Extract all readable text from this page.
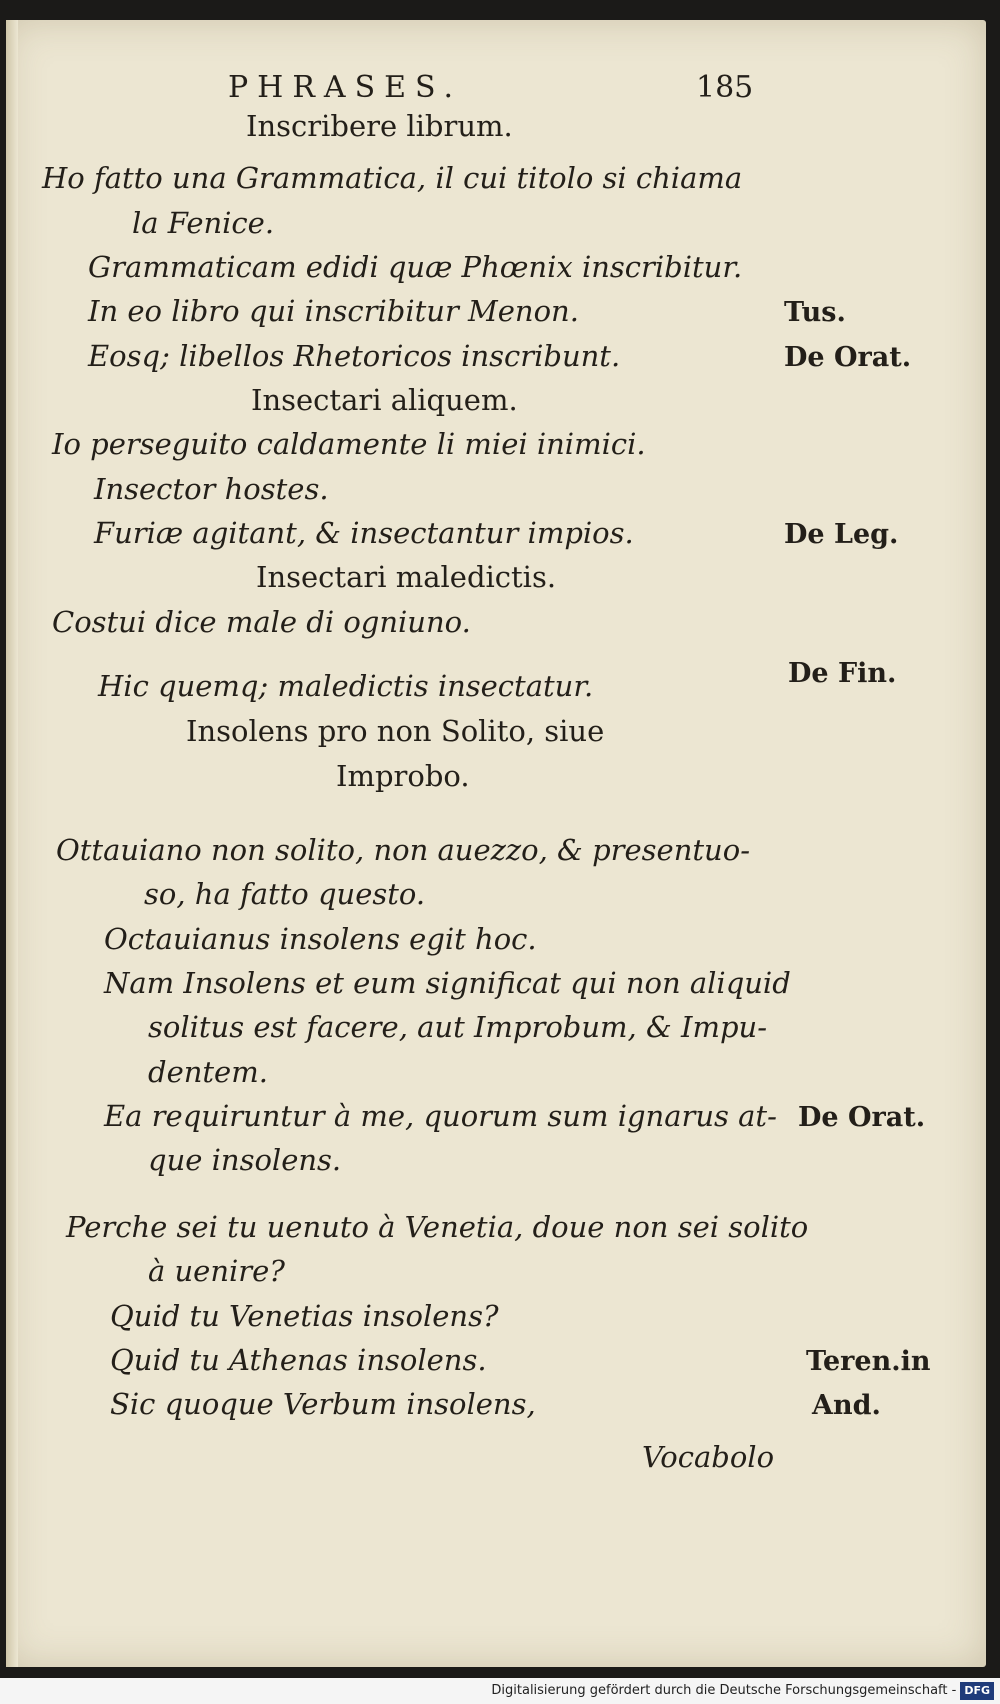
PHRASES.	185
Inscribere librum.
Ho fatto una Grammatica, il cui titolo si chiama
la Fenice.
Grammaticam edidi quæ Phœnix inscribitur.
In eo libro qui inscribitur Menon.
Eosq; libellos Rhetoricos inscribunt.
Insectari aliquem.
Io perseguito caldamente li miei inimici.
Insector hostes.
Furiæ agitant, & insectantur impios.
Insectari maledictis.
Costui dice male di ogniuno.
Hic quemq; maledictis insectatur.
Insolens pro non Solito, siue
Improbo.
Ottauiano non solito, non auezzo, & presentuo-
so, ha fatto questo.
Octauianus insolens egit hoc.
Nam Insolens et eum significat qui non aliquid
solitus est facere, aut Improbum, & Impu-
dentem.
Ea requiruntur à me, quorum sum ignarus at-
que insolens.
Perche sei tu uenuto à Venetia, doue non sei solito
à uenire?
Quid tu Venetias insolens?
Quid tu Athenas insolens.
Sic quoque Verbum insolens,
Vocabolo
Tus.
De Orat.
De Leg.
De Fin.
De Orat.
Teren.in
And.
Digitalisierung gefördert durch die Deutsche Forschungsgemeinschaft - DFG
